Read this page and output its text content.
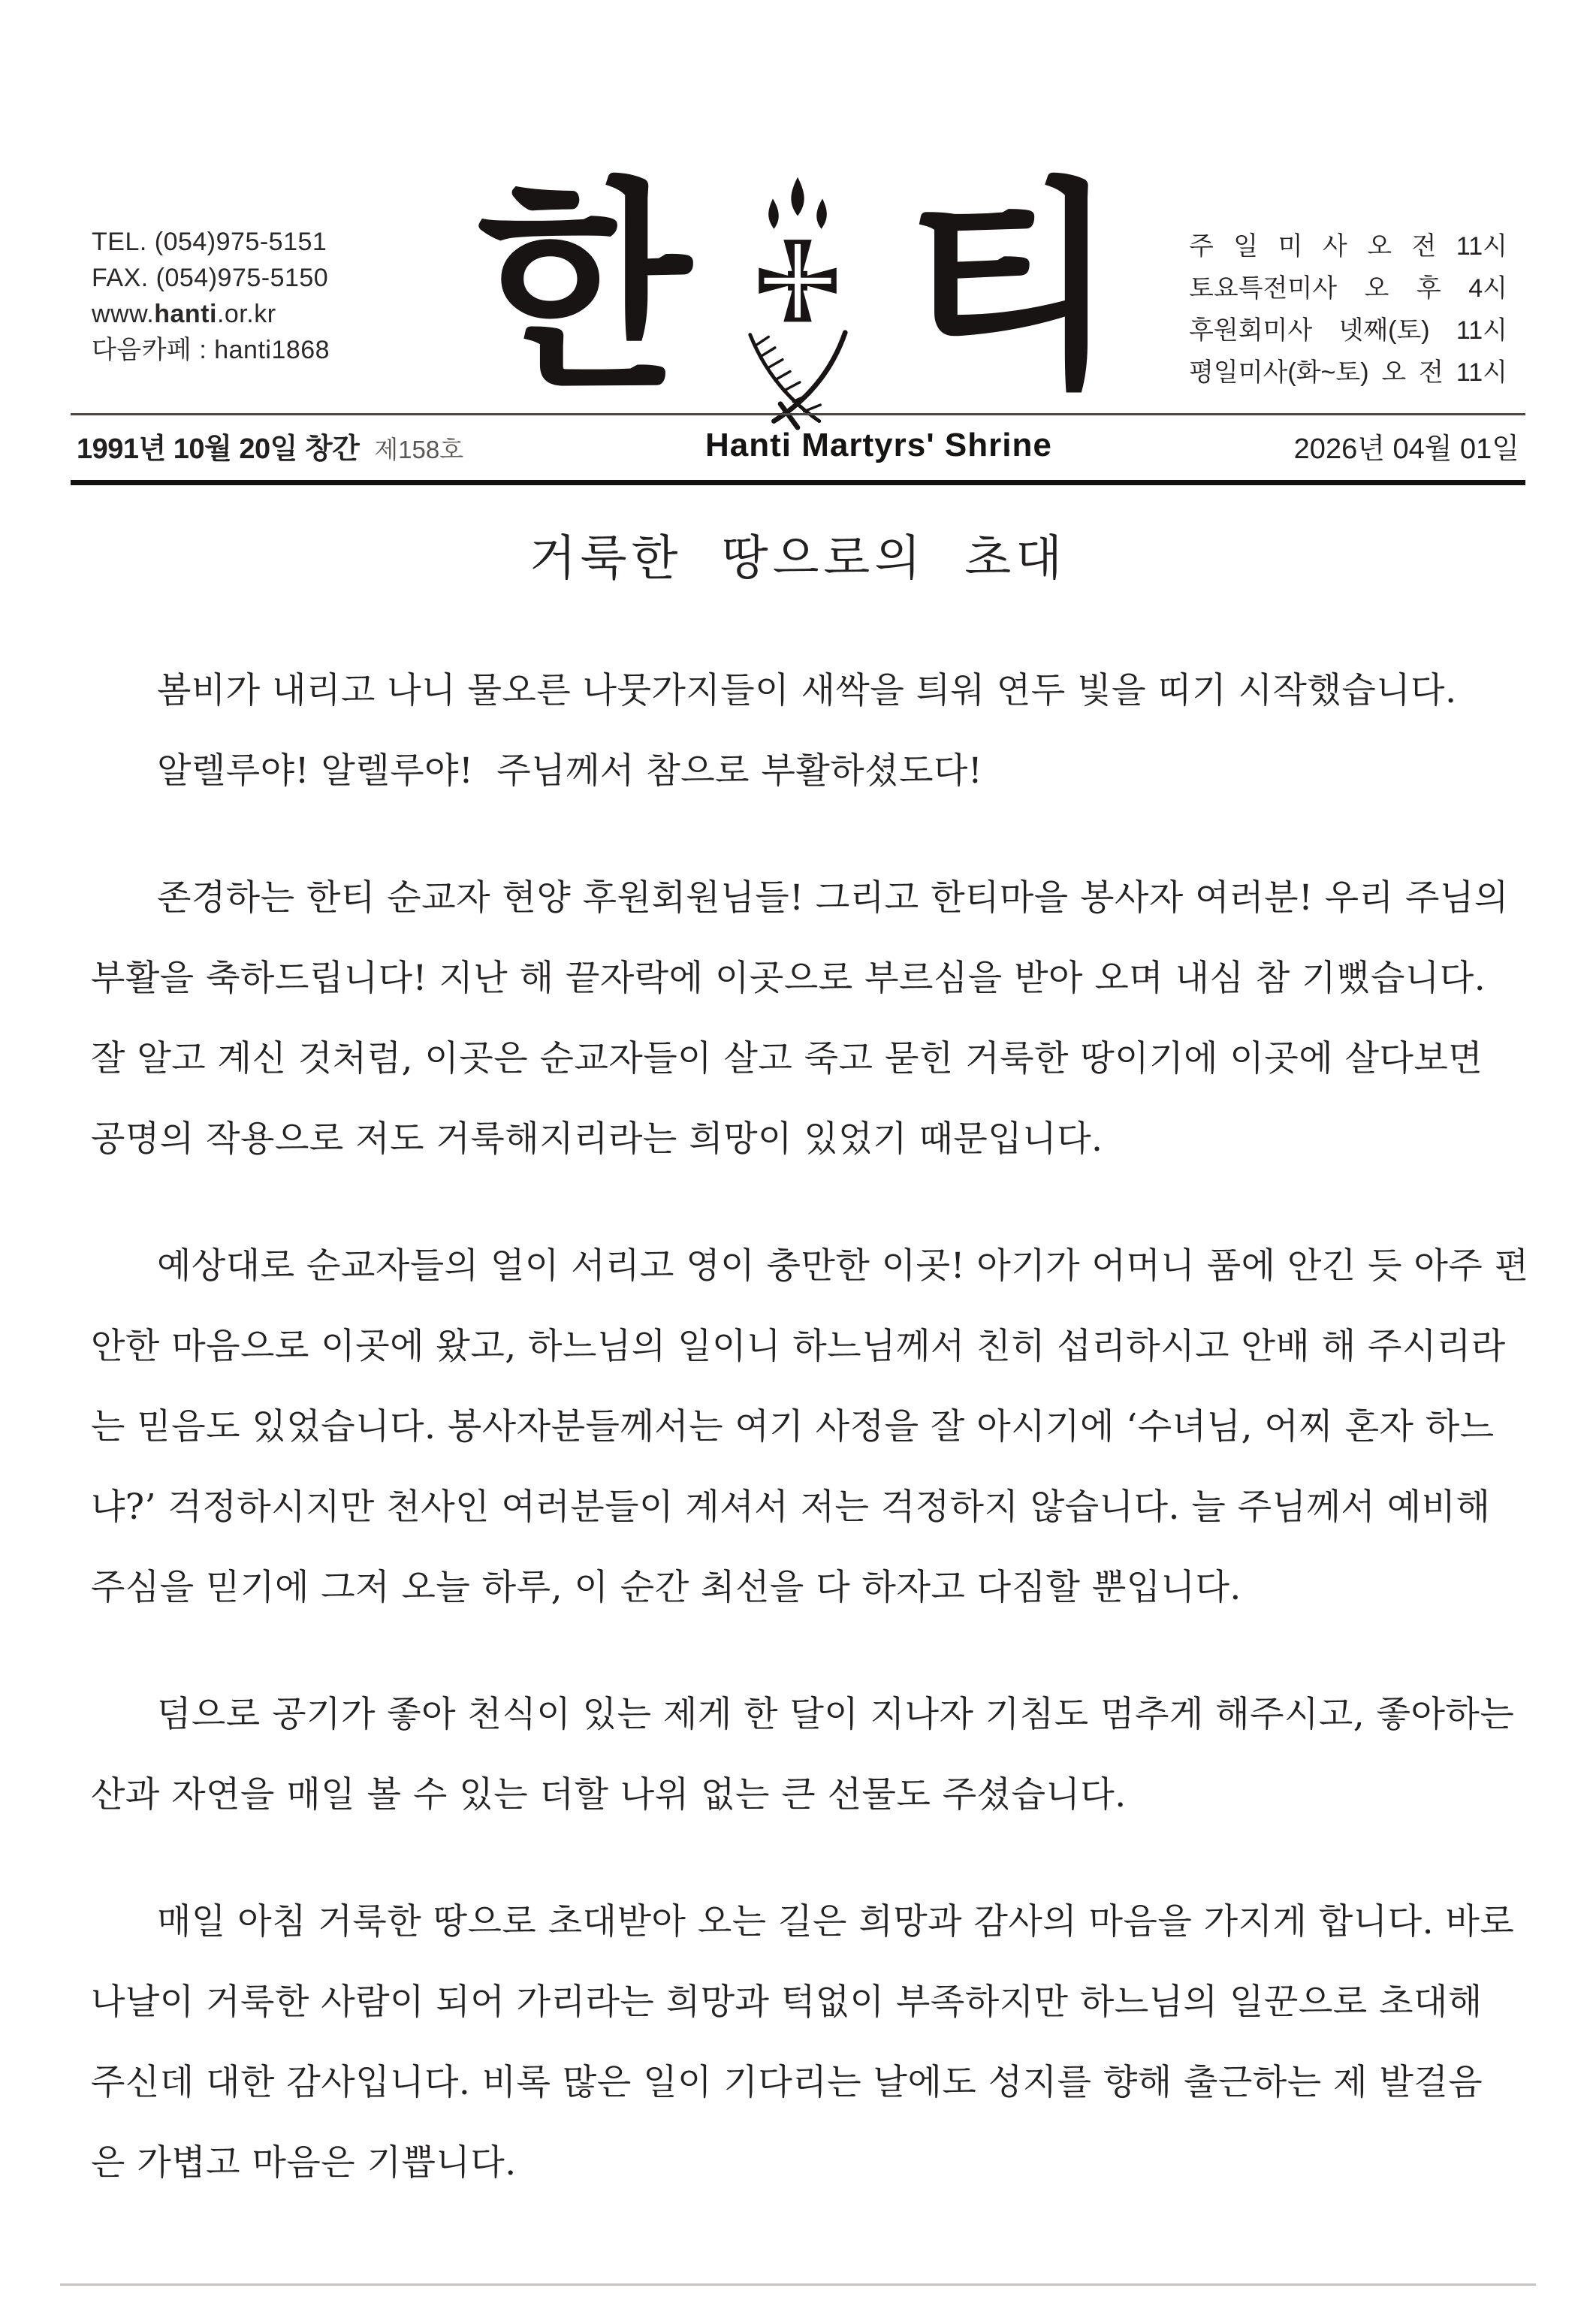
TEL. (054)975-5151
FAX. (054)975-5150
www.hanti.or.kr
다음카페 : hanti1868 한 티	주 일 미 사 오 전 11시
토요특전미사 오 후 4시
후원회미사 넷째(토) 11시
평일미사(화~토) 오 전 11시
1991년 10월 20일 창간 제158호	Hanti Martyrs' Shrine	2026년 04월 01일
거룩한 땅으로의 초대
봄비가 내리고 나니 물오른 나뭇가지들이 새싹을 틔워 연두 빛을 띠기 시작했습니다.
알렐루야! 알렐루야!  주님께서 참으로 부활하셨도다!
존경하는 한티 순교자 현양 후원회원님들! 그리고 한티마을 봉사자 여러분! 우리 주님의
부활을 축하드립니다! 지난 해 끝자락에 이곳으로 부르심을 받아 오며 내심 참 기뻤습니다.
잘 알고 계신 것처럼, 이곳은 순교자들이 살고 죽고 묻힌 거룩한 땅이기에 이곳에 살다보면
공명의 작용으로 저도 거룩해지리라는 희망이 있었기 때문입니다.
예상대로 순교자들의 얼이 서리고 영이 충만한 이곳! 아기가 어머니 품에 안긴 듯 아주 편
안한 마음으로 이곳에 왔고, 하느님의 일이니 하느님께서 친히 섭리하시고 안배 해 주시리라
는 믿음도 있었습니다. 봉사자분들께서는 여기 사정을 잘 아시기에 ‘수녀님, 어찌 혼자 하느
냐?’ 걱정하시지만 천사인 여러분들이 계셔서 저는 걱정하지 않습니다. 늘 주님께서 예비해
주심을 믿기에 그저 오늘 하루, 이 순간 최선을 다 하자고 다짐할 뿐입니다.
덤으로 공기가 좋아 천식이 있는 제게 한 달이 지나자 기침도 멈추게 해주시고, 좋아하는
산과 자연을 매일 볼 수 있는 더할 나위 없는 큰 선물도 주셨습니다.
매일 아침 거룩한 땅으로 초대받아 오는 길은 희망과 감사의 마음을 가지게 합니다. 바로
나날이 거룩한 사람이 되어 가리라는 희망과 턱없이 부족하지만 하느님의 일꾼으로 초대해
주신데 대한 감사입니다. 비록 많은 일이 기다리는 날에도 성지를 향해 출근하는 제 발걸음
은 가볍고 마음은 기쁩니다.
